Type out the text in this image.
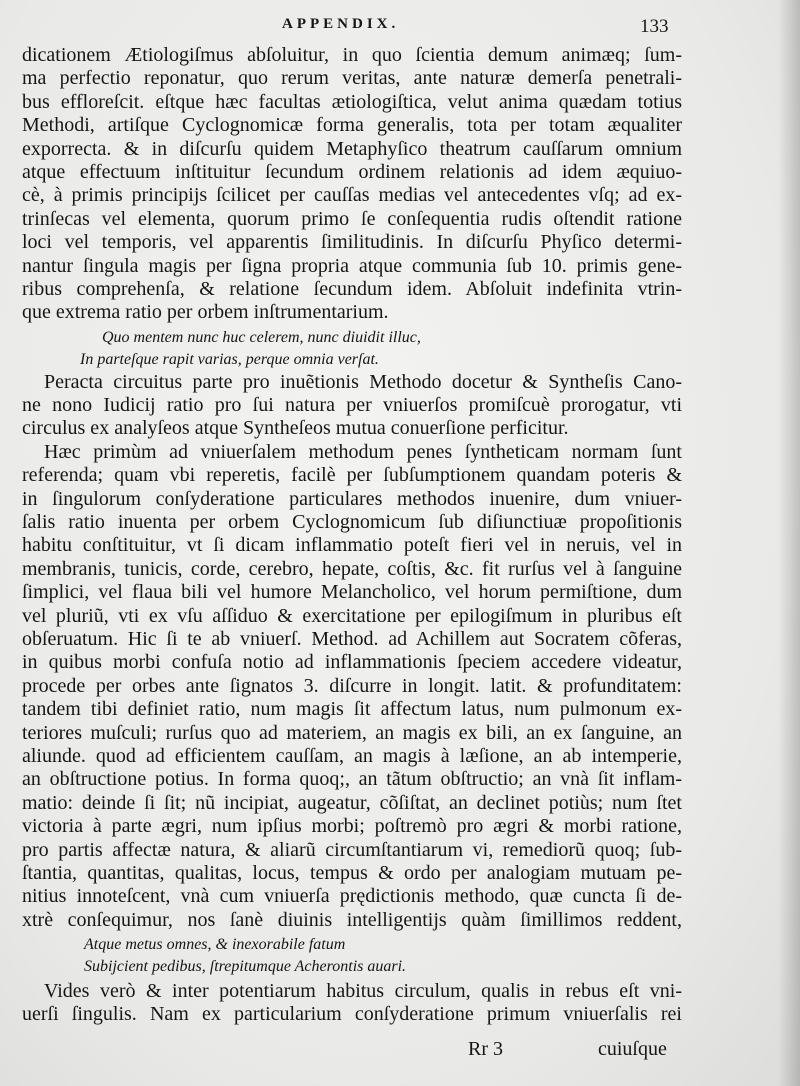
APPENDIX.	133
dicationem Ætiologiſmus abſoluitur, in quo ſcientia demum animæq; ſum-
ma perfectio reponatur, quo rerum veritas, ante naturæ demerſa penetrali-
bus effloreſcit. eſtque hæc facultas ætiologiſtica, velut anima quædam totius
Methodi, artiſque Cyclognomicæ forma generalis, tota per totam æqualiter
exporrecta. & in diſcurſu quidem Metaphyſico theatrum cauſſarum omnium
atque effectuum inſtituitur ſecundum ordinem relationis ad idem æquiuo-
cè, à primis principijs ſcilicet per cauſſas medias vel antecedentes vſq; ad ex-
trinſecas vel elementa, quorum primo ſe conſequentia rudis oſtendit ratione
loci vel temporis, vel apparentis ſimilitudinis. In diſcurſu Phyſico determi-
nantur ſingula magis per ſigna propria atque communia ſub 10. primis gene-
ribus comprehenſa, & relatione ſecundum idem. Abſoluit indefinita vtrin-
que extrema ratio per orbem inſtrumentarium.
Quo mentem nunc huc celerem, nunc diuidit illuc,
In parteſque rapit varias, perque omnia verſat.
Peracta circuitus parte pro inuẽtionis Methodo docetur & Syntheſis Cano-
ne nono Iudicij ratio pro ſui natura per vniuerſos promiſcuè prorogatur, vti
circulus ex analyſeos atque Syntheſeos mutua conuerſione perficitur.
Hæc primùm ad vniuerſalem methodum penes ſyntheticam normam ſunt
referenda; quam vbi reperetis, facilè per ſubſumptionem quandam poteris &
in ſingulorum conſyderatione particulares methodos inuenire, dum vniuer-
ſalis ratio inuenta per orbem Cyclognomicum ſub diſiunctiuæ propoſitionis
habitu conſtituitur, vt ſi dicam inflammatio poteſt fieri vel in neruis, vel in
membranis, tunicis, corde, cerebro, hepate, coſtis, &c. fit rurſus vel à ſanguine
ſimplici, vel flaua bili vel humore Melancholico, vel horum permiſtione, dum
vel pluriũ, vti ex vſu aſſiduo & exercitatione per epilogiſmum in pluribus eſt
obſeruatum. Hic ſi te ab vniuerſ. Method. ad Achillem aut Socratem cõferas,
in quibus morbi confuſa notio ad inflammationis ſpeciem accedere videatur,
procede per orbes ante ſignatos 3. diſcurre in longit. latit. & profunditatem:
tandem tibi definiet ratio, num magis ſit affectum latus, num pulmonum ex-
teriores muſculi; rurſus quo ad materiem, an magis ex bili, an ex ſanguine, an
aliunde. quod ad efficientem cauſſam, an magis à læſione, an ab intemperie,
an obſtructione potius. In forma quoq;, an tãtum obſtructio; an vnà ſit inflam-
matio: deinde ſi ſit; nũ incipiat, augeatur, cõſiſtat, an declinet potiùs; num ſtet
victoria à parte ægri, num ipſius morbi; poſtremò pro ægri & morbi ratione,
pro partis affectæ natura, & aliarũ circumſtantiarum vi, remediorũ quoq; ſub-
ſtantia, quantitas, qualitas, locus, tempus & ordo per analogiam mutuam pe-
nitius innoteſcent, vnà cum vniuerſa prędictionis methodo, quæ cuncta ſi de-
xtrè conſequimur, nos ſanè diuinis intelligentijs quàm ſimillimos reddent,
Atque metus omnes, & inexorabile fatum
Subijcient pedibus, ſtrepitumque Acherontis auari.
Vides verò & inter potentiarum habitus circulum, qualis in rebus eſt vni-
uerſi ſingulis. Nam ex particularium conſyderatione primum vniuerſalis rei
Rr 3	cuiuſque
